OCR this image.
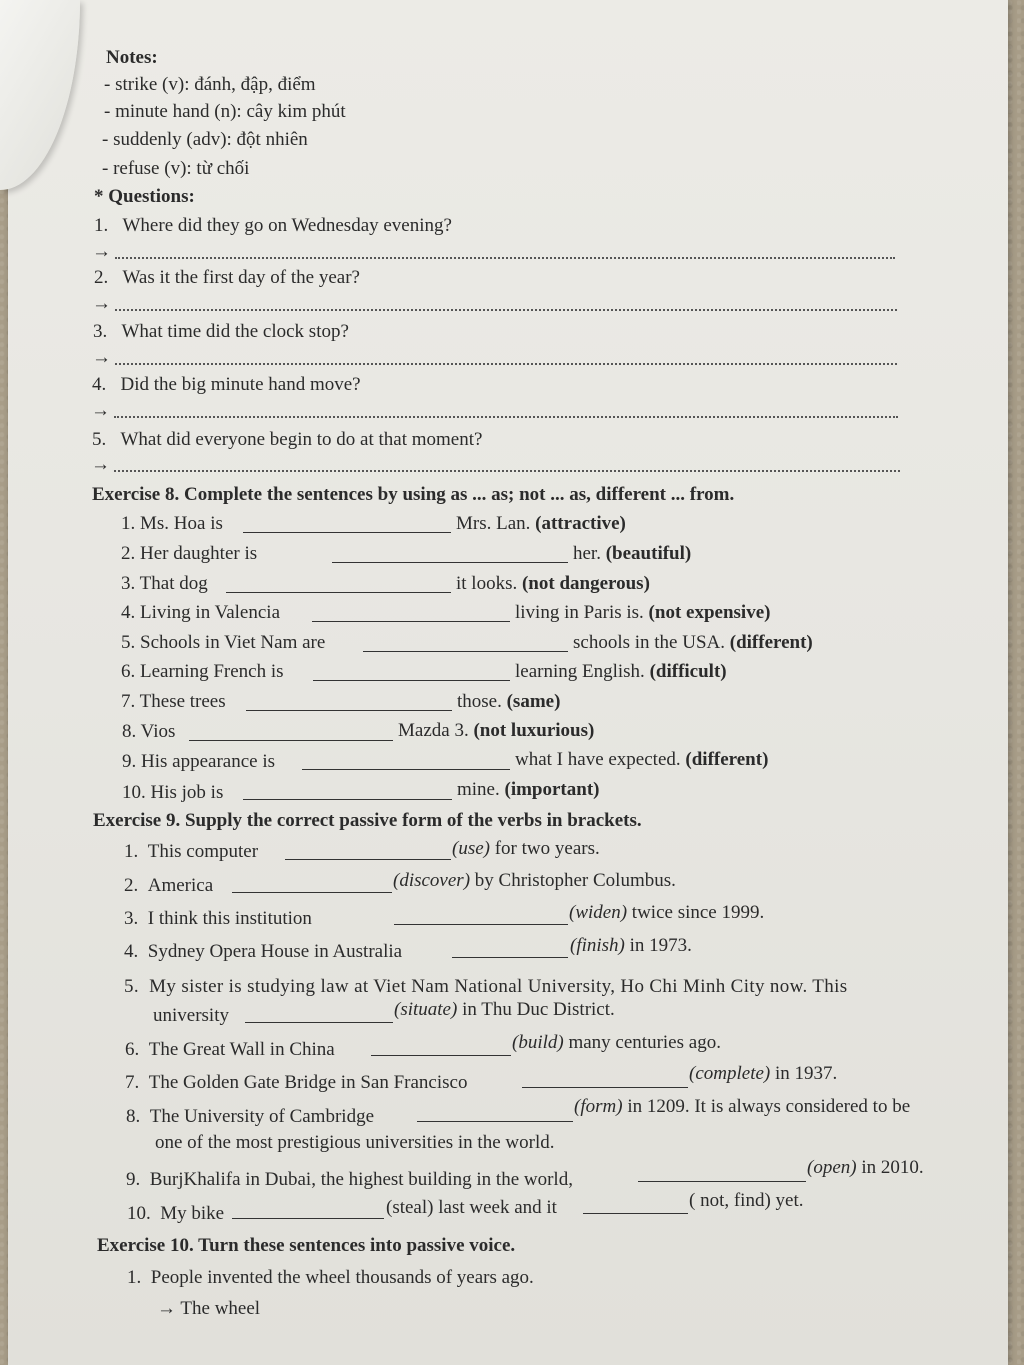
Notes:
- strike (v): đánh, đập, điểm
- minute hand (n): cây kim phút
- suddenly (adv): đột nhiên
- refuse (v): từ chối
* Questions:
1. Where did they go on Wednesday evening?
→
2. Was it the first day of the year?
→
3. What time did the clock stop?
→
4. Did the big minute hand move?
→
5. What did everyone begin to do at that moment?
→
Exercise 8. Complete the sentences by using as ... as; not ... as, different ... from.
1. Ms. Hoa is	Mrs. Lan. (attractive)
2. Her daughter is	her. (beautiful)
3. That dog	it looks. (not dangerous)
4. Living in Valencia	living in Paris is. (not expensive)
5. Schools in Viet Nam are	schools in the USA. (different)
6. Learning French is	learning English. (difficult)
7. These trees	those. (same)
8. Vios	Mazda 3. (not luxurious)
9. His appearance is	what I have expected. (different)
10. His job is	mine. (important)
Exercise 9. Supply the correct passive form of the verbs in brackets.
1. This computer	(use) for two years.
2. America	(discover) by Christopher Columbus.
3. I think this institution	(widen) twice since 1999.
4. Sydney Opera House in Australia	(finish) in 1973.
5. My sister is studying law at Viet Nam National University, Ho Chi Minh City now. This
university	(situate) in Thu Duc District.
6. The Great Wall in China	(build) many centuries ago.
7. The Golden Gate Bridge in San Francisco	(complete) in 1937.
8. The University of Cambridge	(form) in 1209. It is always considered to be
one of the most prestigious universities in the world.
9. BurjKhalifa in Dubai, the highest building in the world,
(open) in 2010.
10. My bike	(steal) last week and it	( not, find) yet.
Exercise 10. Turn these sentences into passive voice.
1. People invented the wheel thousands of years ago.
→ The wheel
